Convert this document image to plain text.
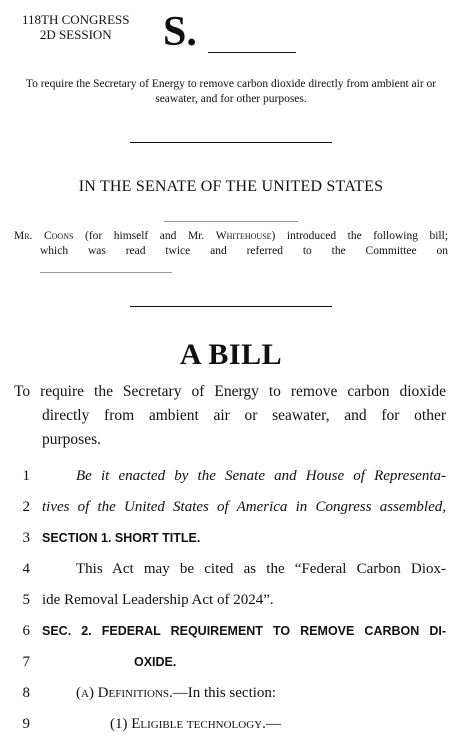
118TH CONGRESS
2D SESSION	S.
To require the Secretary of Energy to remove carbon dioxide directly from ambient air or seawater, and for other purposes.
IN THE SENATE OF THE UNITED STATES
Mr. Coons (for himself and Mr. Whitehouse) introduced the following bill;
which was read twice and referred to the Committee on
A BILL
To require the Secretary of Energy to remove carbon dioxide
directly from ambient air or seawater, and for other
purposes.
1	Be it enacted by the Senate and House of Representa-
2 tives of the United States of America in Congress assembled,
3 SECTION 1. SHORT TITLE.
4	This Act may be cited as the “Federal Carbon Diox-
5 ide Removal Leadership Act of 2024”.
6 SEC. 2. FEDERAL REQUIREMENT TO REMOVE CARBON DI-
7	OXIDE.
8	(a) Definitions.—In this section:
9	(1) Eligible technology.—
